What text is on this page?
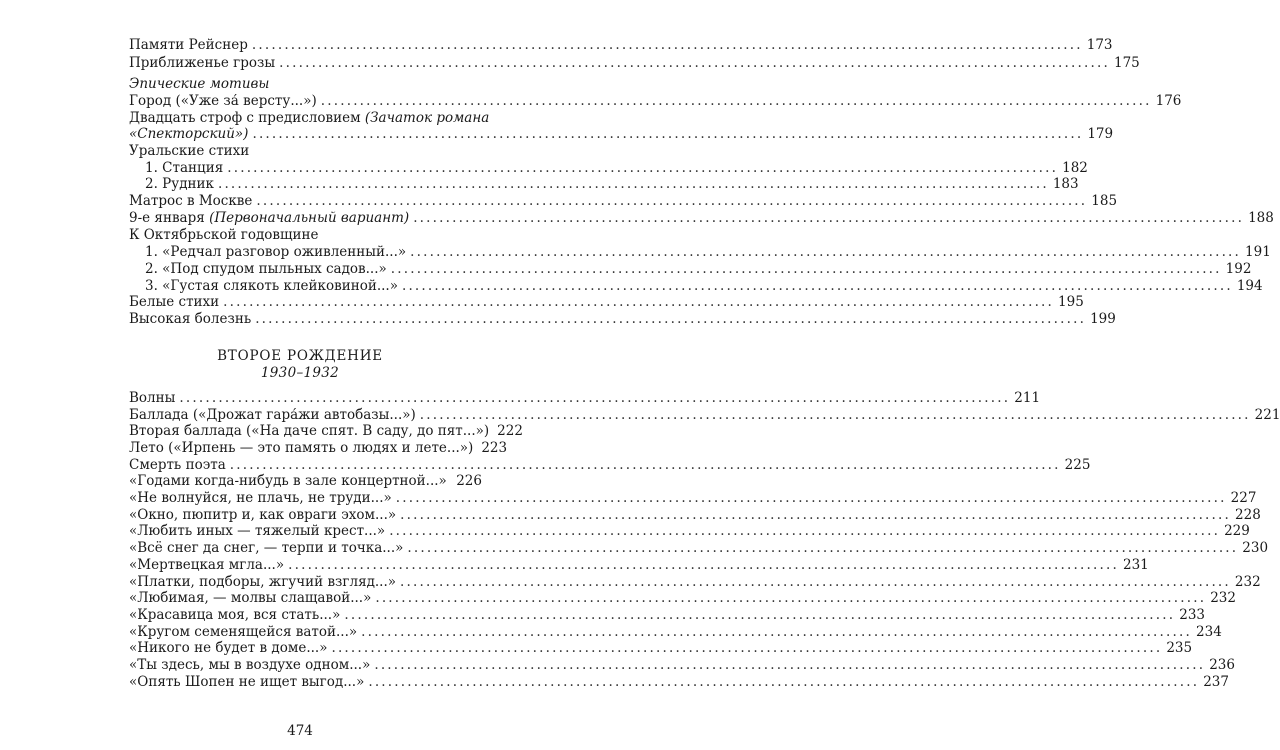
Памяти Рейснер ................................................................................................................................ 173
Приближенье грозы ................................................................................................................................ 175
Эпические мотивы
Город («Уже за́ версту...») ................................................................................................................................ 176
Двадцать строф с предисловием (Зачаток романа
«Спекторский») ................................................................................................................................ 179
Уральские стихи
1. Станция ................................................................................................................................ 182
2. Рудник ................................................................................................................................ 183
Матрос в Москве ................................................................................................................................ 185
9-е января (Первоначальный вариант) ................................................................................................................................ 188
К Октябрьской годовщине
1. «Редчал разговор оживленный...» ................................................................................................................................ 191
2. «Под спудом пыльных садов...» ................................................................................................................................ 192
3. «Густая слякоть клейковиной...» ................................................................................................................................ 194
Белые стихи ................................................................................................................................ 195
Высокая болезнь ................................................................................................................................ 199
ВТОРОЕ РОЖДЕНИЕ
1930–1932
Волны ................................................................................................................................ 211
Баллада («Дрожат гара́жи автобазы...») ................................................................................................................................ 221
Вторая баллада («На даче спят. В саду, до пят...») 222
Лето («Ирпень — это память о людях и лете...») 223
Смерть поэта ................................................................................................................................ 225
«Годами когда-нибудь в зале концертной...» 226
«Не волнуйся, не плачь, не труди...» ................................................................................................................................ 227
«Окно, пюпитр и, как овраги эхом...» ................................................................................................................................ 228
«Любить иных — тяжелый крест...» ................................................................................................................................ 229
«Всё снег да снег, — терпи и точка...» ................................................................................................................................ 230
«Мертвецкая мгла...» ................................................................................................................................ 231
«Платки, подборы, жгучий взгляд...» ................................................................................................................................ 232
«Любимая, — молвы слащавой...» ................................................................................................................................ 232
«Красавица моя, вся стать...» ................................................................................................................................ 233
«Кругом семенящейся ватой...» ................................................................................................................................ 234
«Никого не будет в доме...» ................................................................................................................................ 235
«Ты здесь, мы в воздухе одном...» ................................................................................................................................ 236
«Опять Шопен не ищет выгод...» ................................................................................................................................ 237
474
